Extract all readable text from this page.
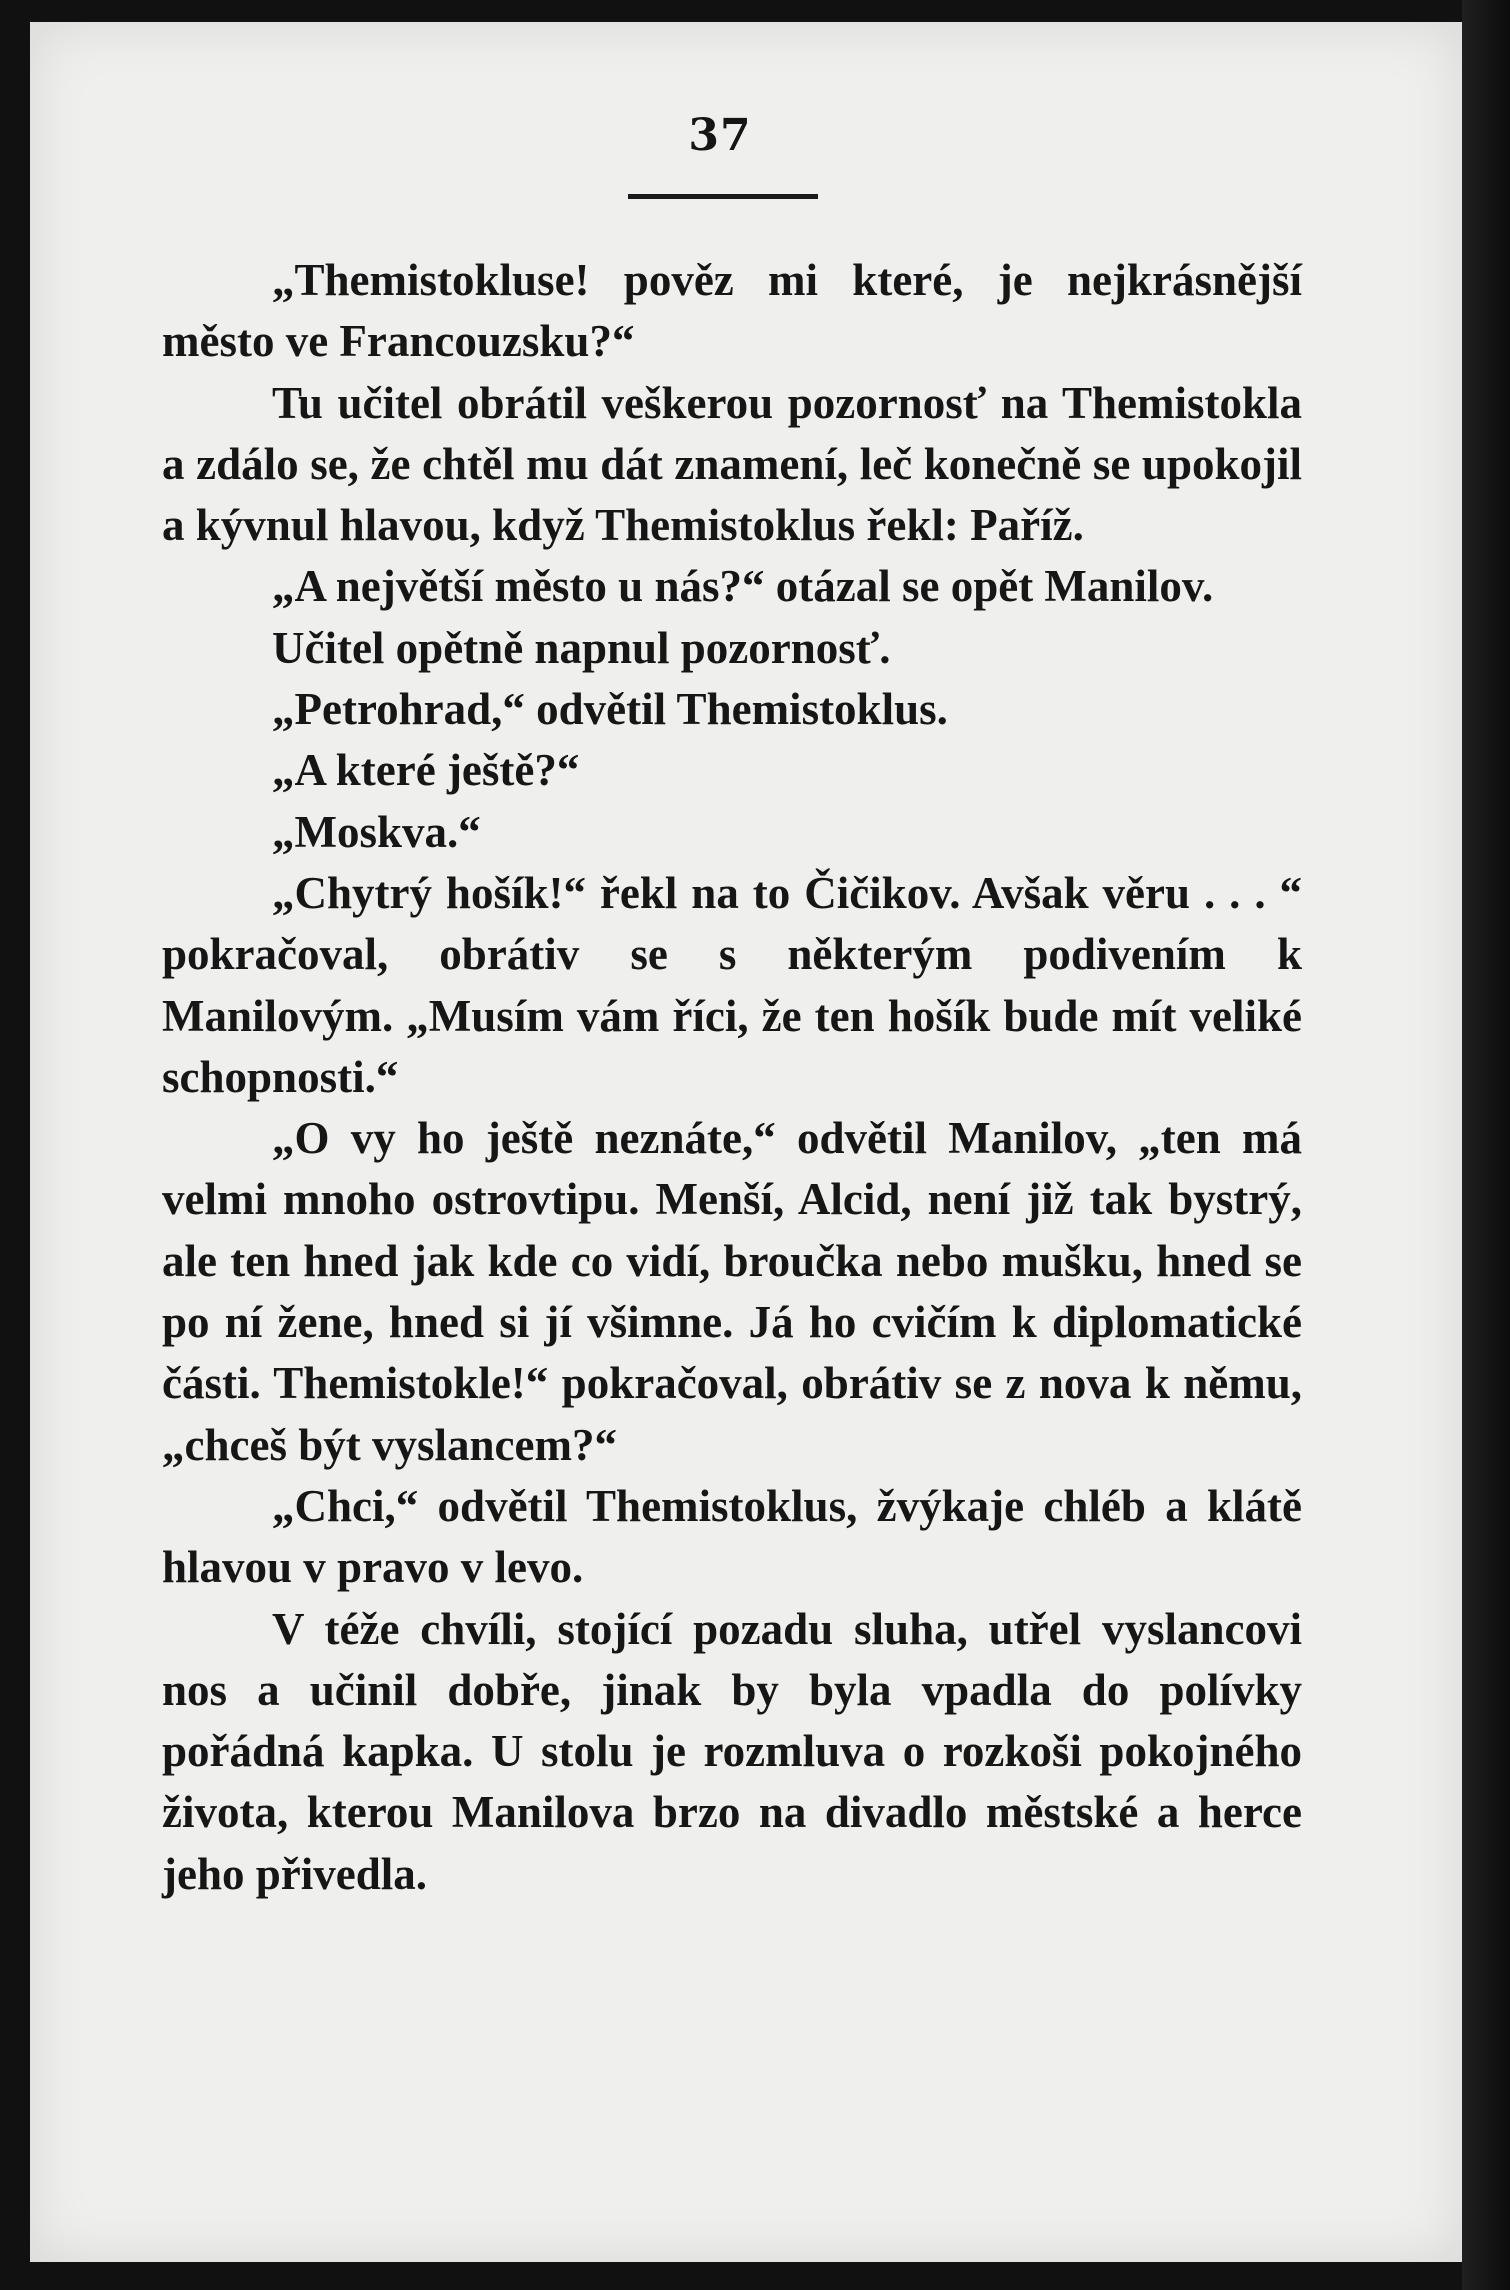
37

„Themistokluse! pověz mi které, je nejkrásnější město ve Francouzsku?“

Tu učitel obrátil veškerou pozornosť na Themistokla a zdálo se, že chtěl mu dát znamení, leč konečně se upokojil a kývnul hlavou, když Themistoklus řekl: Paříž.

„A největší město u nás?“ otázal se opět Manilov.

Učitel opětně napnul pozornosť.

„Petrohrad,“ odvětil Themistoklus.

„A které ještě?“

„Moskva.“

„Chytrý hošík!“ řekl na to Čičikov. Avšak věru . . . “ pokračoval, obrátiv se s některým podivením k Manilovým. „Musím vám říci, že ten hošík bude mít veliké schopnosti.“

„O vy ho ještě neznáte,“ odvětil Manilov, „ten má velmi mnoho ostrovtipu. Menší, Alcid, není již tak bystrý, ale ten hned jak kde co vidí, broučka nebo mušku, hned se po ní žene, hned si jí všimne. Já ho cvičím k diplomatické části. Themistokle!“ pokračoval, obrátiv se z nova k němu, „chceš být vyslancem?“

„Chci,“ odvětil Themistoklus, žvýkaje chléb a klátě hlavou v pravo v levo.

V téže chvíli, stojící pozadu sluha, utřel vyslancovi nos a učinil dobře, jinak by byla vpadla do polívky pořádná kapka. U stolu je rozmluva o rozkoši pokojného života, kterou Manilova brzo na divadlo městské a herce jeho přivedla.
